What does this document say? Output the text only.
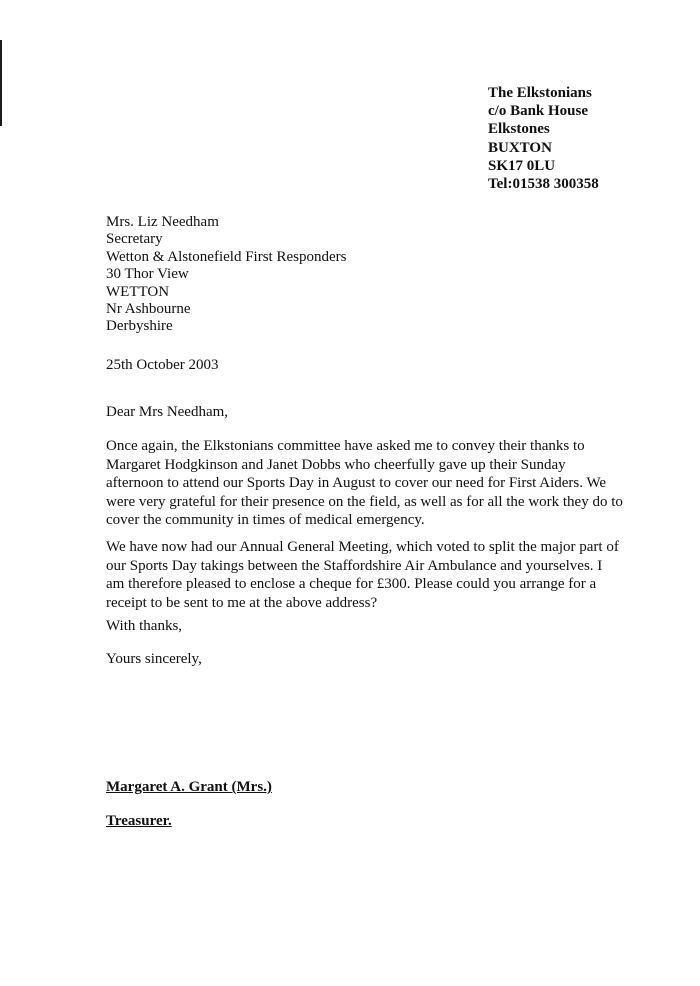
The Elkstonians
c/o Bank House
Elkstones
BUXTON
SK17 0LU
Tel:01538 300358
Mrs. Liz Needham
Secretary
Wetton & Alstonefield First Responders
30 Thor View
WETTON
Nr Ashbourne
Derbyshire
25th October 2003
Dear Mrs Needham,
Once again, the Elkstonians committee have asked me to convey their thanks to
Margaret Hodgkinson and Janet Dobbs who cheerfully gave up their Sunday
afternoon to attend our Sports Day in August to cover our need for First Aiders. We
were very grateful for their presence on the field, as well as for all the work they do to
cover the community in times of medical emergency.
We have now had our Annual General Meeting, which voted to split the major part of
our Sports Day takings between the Staffordshire Air Ambulance and yourselves. I
am therefore pleased to enclose a cheque for £300. Please could you arrange for a
receipt to be sent to me at the above address?
With thanks,
Yours sincerely,
Margaret A. Grant (Mrs.)
Treasurer.
